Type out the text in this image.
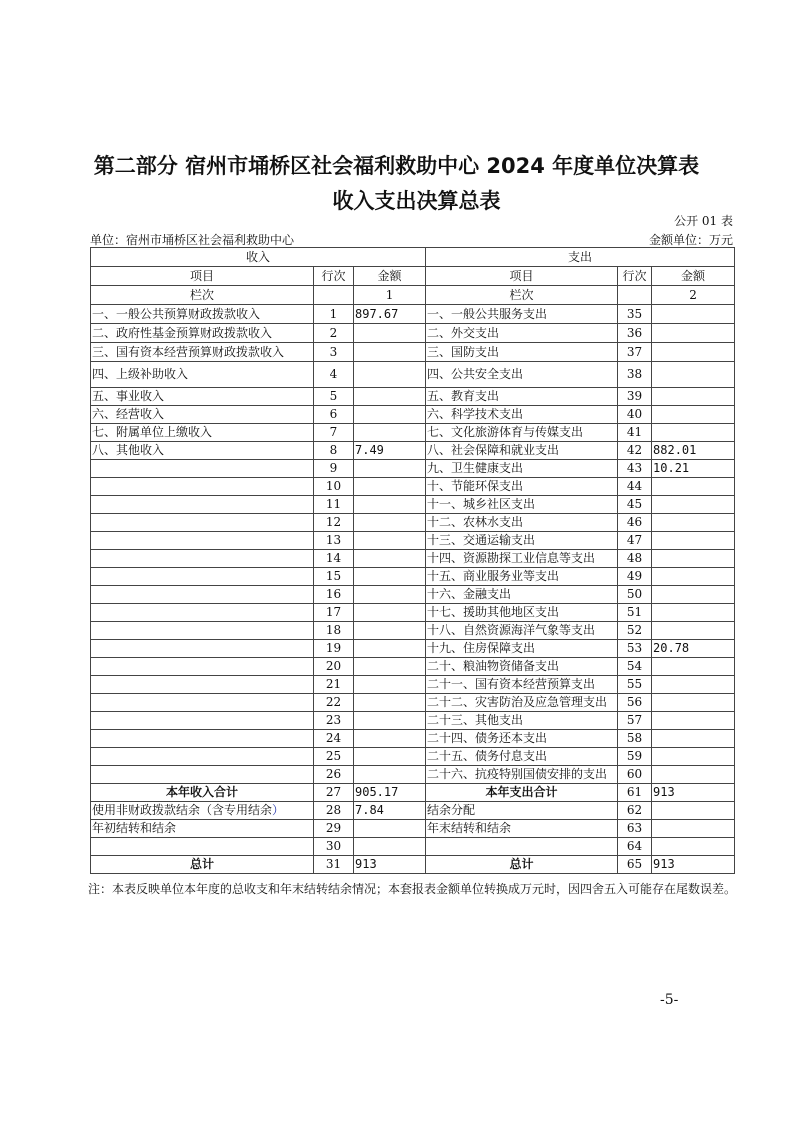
第二部分 宿州市埇桥区社会福利救助中心 2024 年度单位决算表
收入支出决算总表
公开 01 表
单位：宿州市埇桥区社会福利救助中心	金额单位：万元
收入			支出		
项目	行次	金额	项目	行次	金额
栏次		1	栏次		2
一、一般公共预算财政拨款收入	1	897.67	一、一般公共服务支出	35	
二、政府性基金预算财政拨款收入	2		二、外交支出	36	
三、国有资本经营预算财政拨款收入	3		三、国防支出	37	
四、上级补助收入	4		四、公共安全支出	38	
五、事业收入	5		五、教育支出	39	
六、经营收入	6		六、科学技术支出	40	
七、附属单位上缴收入	7		七、文化旅游体育与传媒支出	41	
八、其他收入	8	7.49	八、社会保障和就业支出	42	882.01
	9		九、卫生健康支出	43	10.21
	10		十、节能环保支出	44	
	11		十一、城乡社区支出	45	
	12		十二、农林水支出	46	
	13		十三、交通运输支出	47	
	14		十四、资源勘探工业信息等支出	48	
	15		十五、商业服务业等支出	49	
	16		十六、金融支出	50	
	17		十七、援助其他地区支出	51	
	18		十八、自然资源海洋气象等支出	52	
	19		十九、住房保障支出	53	20.78
	20		二十、粮油物资储备支出	54	
	21		二十一、国有资本经营预算支出	55	
	22		二十二、灾害防治及应急管理支出	56	
	23		二十三、其他支出	57	
	24		二十四、债务还本支出	58	
	25		二十五、债务付息支出	59	
	26		二十六、抗疫特别国债安排的支出	60	
本年收入合计	27	905.17	本年支出合计	61	913
使用非财政拨款结余（含专用结余）	28	7.84	结余分配	62	
年初结转和结余	29		年末结转和结余	63	
	30			64	
总计	31	913	总计	65	913
注：本表反映单位本年度的总收支和年末结转结余情况；本套报表金额单位转换成万元时，因四舍五入可能存在尾数误差。
-5-
